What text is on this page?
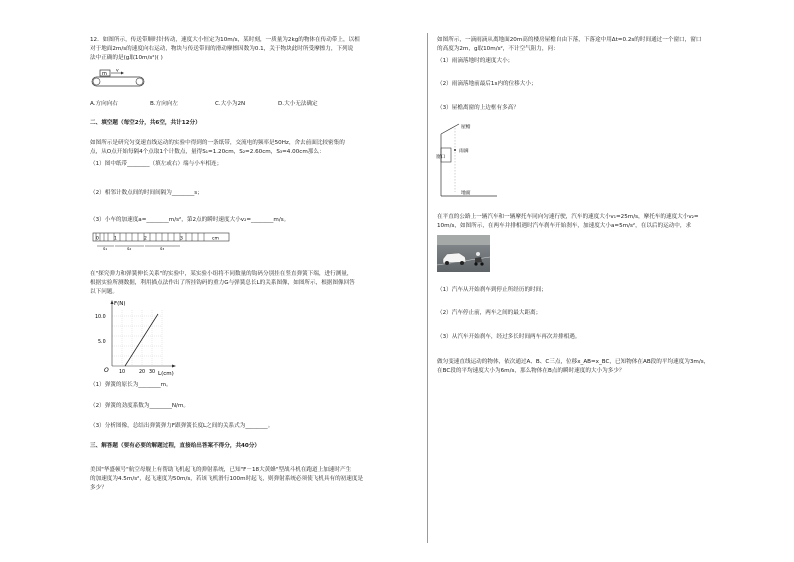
12．如图所示，传送带顺时针转动，速度大小恒定为10m/s，某时刻，一质量为2kg的物体在传动带上，以相
对于地面2m/s的速度向右运动，物块与传送带间的滑动摩擦因数为0.1，关于物块此时所受摩擦力，下列说
法中正确的是(g取10m/s²)( )
m v
A.方向向右	B.方向向左	C.大小为2N	D.大小无法确定
二、填空题（每空2分，共6空，共计12分）
如图所示是研究匀变速直线运动的实验中得到的一条纸带，交流电的频率是50Hz，舍去前面比较密集的
点，从O点开始每隔4个点取1个计数点，量得S₁=1.20cm，S₂=2.60cm，S₃=4.00cm那么：
（1）图中纸带________（填左或右）端与小车相连；
（2）相邻计数点间的时间间隔为________s；
（3）小车的加速度a=________m/s²，第2点的瞬时速度大小v₂=________m/s。
0	1	2	3	cm
s₁	s₂	s₃
在"探究弹力和弹簧伸长关系"的实验中，某实验小组将不同数量的钩码分别挂在竖直弹簧下端，进行测量，
根据实验所测数据，利用描点法作出了所挂钩码的重力G与弹簧总长L的关系图像，如图所示，根据图像回答
以下问题。
F(N)
L(cm)
10.0
5.0
10	20 30
O
（1）弹簧的原长为________m。
（2）弹簧的劲度系数为________N/m。
（3）分析图像，总结出弹簧弹力F跟弹簧长度L之间的关系式为________。
三、解答题（要有必要的解题过程，直接给出答案不得分，共40分）
美国"华盛顿号"航空母舰上有帮助飞机起飞的弹射系统，已知"F－18大黄蜂"型战斗机在跑道上加速时产生
的加速度为4.5m/s²，起飞速度为50m/s，若该飞机滑行100m时起飞，则弹射系统必须使飞机具有的初速度是
多少？
如图所示，一滴雨滴从离地面20m高的楼房屋檐自由下落，下落途中用Δt=0.2s的时间通过一个窗口，窗口
的高度为2m，g取10m/s²，不计空气阻力，问：
（1）雨滴落地时的速度大小；
（2）雨滴落地前最后1s内的位移大小；
（3）屋檐离窗的上边框有多高？
屋檐
雨滴
窗口
地面
在平直的公路上一辆汽车和一辆摩托车同向匀速行驶，汽车的速度大小v₁=25m/s，摩托车的速度大小v₂=
10m/s，如图所示，在两车并排相遇时汽车刹车开始刹车，加速度大小a=5m/s²，在以后的运动中，求
（1）汽车从开始刹车到停止所经历的时间；
（2）汽车停止前，两车之间的最大距离；
（3）从汽车开始刹车，经过多长时间两车再次并排相遇。
做匀变速直线运动的物体，依次通过A、B、C三点，位移x_AB=x_BC，已知物体在AB段的平均速度为3m/s，
在BC段的平均速度大小为6m/s，那么物体在B点的瞬时速度的大小为多少？
